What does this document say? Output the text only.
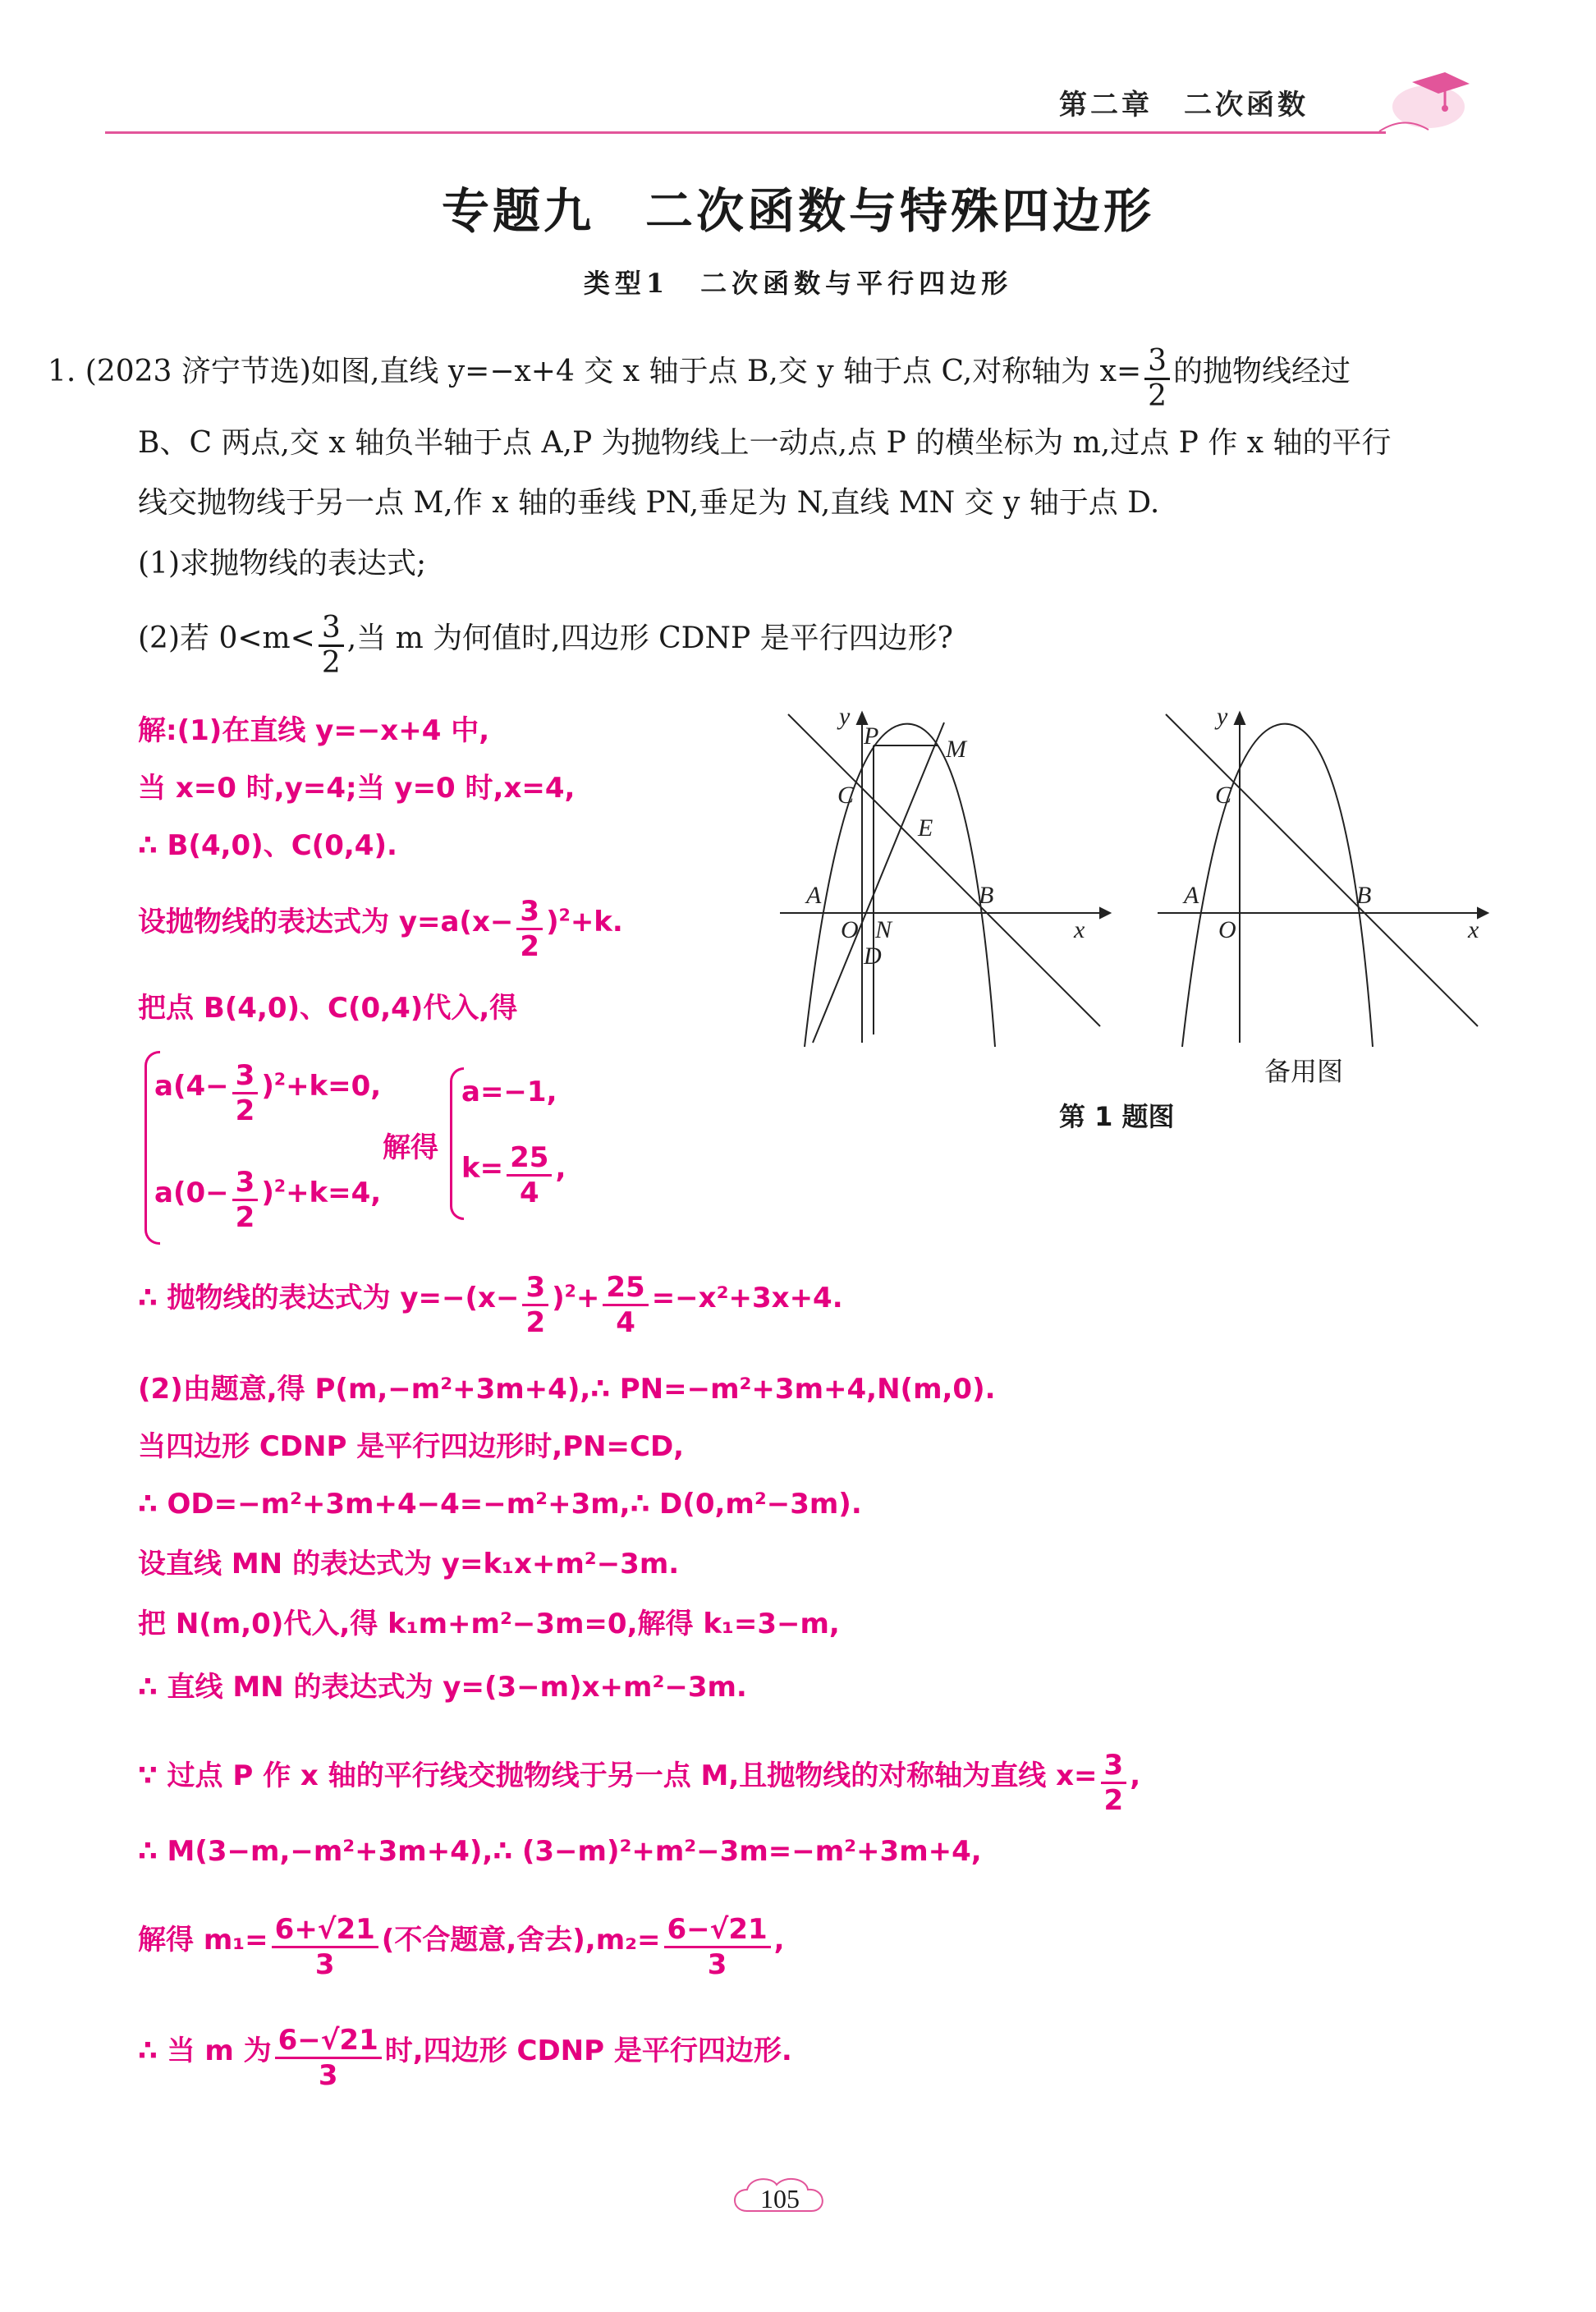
第二章　二次函数
专题九　二次函数与特殊四边形
类型1　二次函数与平行四边形
1. (2023 济宁节选)如图,直线 y=−x+4 交 x 轴于点 B,交 y 轴于点 C,对称轴为 $x= \frac{3}{2}$ 的抛物线经过
B、C 两点,交 x 轴负半轴于点 A,P 为抛物线上一动点,点 P 的横坐标为 m,过点 P 作 x 轴的平行
线交抛物线于另一点 M,作 x 轴的垂线 PN,垂足为 N,直线 MN 交 y 轴于点 D.
(1)求抛物线的表达式;
(2)若 $0<m< \frac{3}{2}$ ,当 m 为何值时,四边形 CDNP 是平行四边形?
解:(1)在直线 y=−x+4 中,
当 x=0 时,y=4;当 y=0 时,x=4,
∴ B(4,0)、C(0,4).
设抛物线的表达式为 $y=a(x- \frac{3}{2} )^2+k$.
把点 B(4,0)、C(0,4)代入,得
$a(4- \frac{3}{2} )^2+k=0$,
$a(0- \frac{3}{2} )^2+k=4$,
解得
a=−1,
$k= \frac{25}{4}$ ,
∴ 抛物线的表达式为 $y=-(x- \frac{3}{2} )^2+ \frac{25}{4} =-x^2+3x+4$.
(2)由题意,得 P(m,−m²+3m+4),∴ PN=−m²+3m+4,N(m,0).
当四边形 CDNP 是平行四边形时,PN=CD,
∴ OD=−m²+3m+4−4=−m²+3m,∴ D(0,m²−3m).
设直线 MN 的表达式为 y=k₁x+m²−3m.
把 N(m,0)代入,得 k₁m+m²−3m=0,解得 k₁=3−m,
∴ 直线 MN 的表达式为 y=(3−m)x+m²−3m.
∵ 过点 P 作 x 轴的平行线交抛物线于另一点 M,且抛物线的对称轴为直线 $x= \frac{3}{2}$ ,
∴ M(3−m,−m²+3m+4),∴ (3−m)²+m²−3m=−m²+3m+4,
解得 $m_1= \frac{6+√21}{3}$ (不合题意,舍去)$,m_2= \frac{6-√21}{3}$ ,
∴ 当 m 为 $\frac{6-√21}{3}$ 时,四边形 CDNP 是平行四边形.
y
P	M
C
E
A	B
O N
D
x
y
C
A	B
O	x
备用图
第 1 题图
105
